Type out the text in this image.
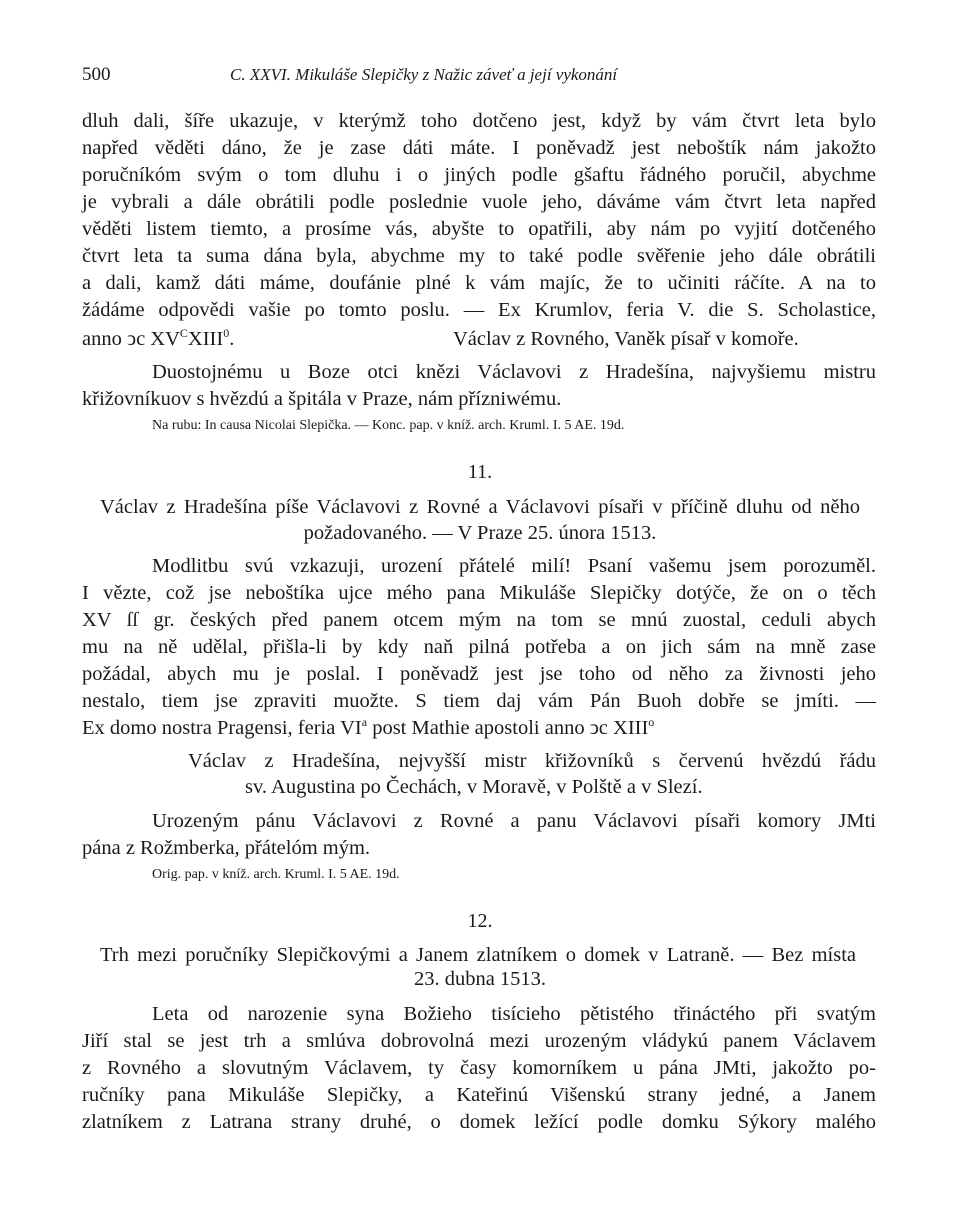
500	C. XXVI. Mikuláše Slepičky z Nažic záveť a její vykonání
dluh dali, šíře ukazuje, v kterýmž toho dotčeno jest, když by vám čtvrt leta bylo
napřed věděti dáno, že je zase dáti máte. I poněvadž jest neboštík nám jakožto
poručníkóm svým o tom dluhu i o jiných podle gšaftu řádného poručil, abychme
je vybrali a dále obrátili podle poslednie vuole jeho, dáváme vám čtvrt leta napřed
věděti listem tiemto, a prosíme vás, abyšte to opatřili, aby nám po vyjití dotčeného
čtvrt leta ta suma dána byla, abychme my to také podle svěřenie jeho dále obrátili
a dali, kamž dáti máme, doufánie plné k vám majíc, že to učiniti ráčíte. A na to
žádáme odpovědi vašie po tomto poslu. — Ex Krumlov, feria V. die S. Scholastice,
anno ͻc $XV^CXIII^0$.	Václav z Rovného, Vaněk písař v komoře.
Duostojnému u Boze otci knězi Václavovi z Hradešína, najvyšiemu mistru
křižovníkuov s hvězdú a špitála v Praze, nám přízniwému.
Na rubu: In causa Nicolai Slepička. — Konc. pap. v kníž. arch. Kruml. I. 5 AE. 19d.
11.
Václav z Hradešína píše Václavovi z Rovné a Václavovi písaři v příčině dluhu od něho
požadovaného. — V Praze 25. února 1513.
Modlitbu svú vzkazuji, urození přátelé milí! Psaní vašemu jsem porozuměl.
I vězte, což jse neboštíka ujce mého pana Mikuláše Slepičky dotýče, že on o těch
XV ſſ gr. českých před panem otcem mým na tom se mnú zuostal, ceduli abych
mu na ně udělal, přišla-li by kdy naň pilná potřeba a on jich sám na mně zase
požádal, abych mu je poslal. I poněvadž jest jse toho od něho za živnosti jeho
nestalo, tiem jse zpraviti muožte. S tiem daj vám Pán Buoh dobře se jmíti. —
Ex domo nostra Pragensi, feria $VI^a$ post Mathie apostoli anno ͻc XIII$^o$
Václav z Hradešína, nejvyšší mistr křižovníků s červenú hvězdú řádu
sv. Augustina po Čechách, v Moravě, v Polště a v Slezí.
Urozeným pánu Václavovi z Rovné a panu Václavovi písaři komory JMti
pána z Rožmberka, přátelóm mým.
Orig. pap. v kníž. arch. Kruml. I. 5 AE. 19d.
12.
Trh mezi poručníky Slepičkovými a Janem zlatníkem o domek v Latraně. — Bez místa
23. dubna 1513.
Leta od narozenie syna Božieho tisícieho pětistého třináctého při svatým
Jiří stal se jest trh a smlúva dobrovolná mezi urozeným vládykú panem Václavem
z Rovného a slovutným Václavem, ty časy komorníkem u pána JMti, jakožto po-
ručníky pana Mikuláše Slepičky, a Kateřinú Višenskú strany jedné, a Janem
zlatníkem z Latrana strany druhé, o domek ležící podle domku Sýkory malého
